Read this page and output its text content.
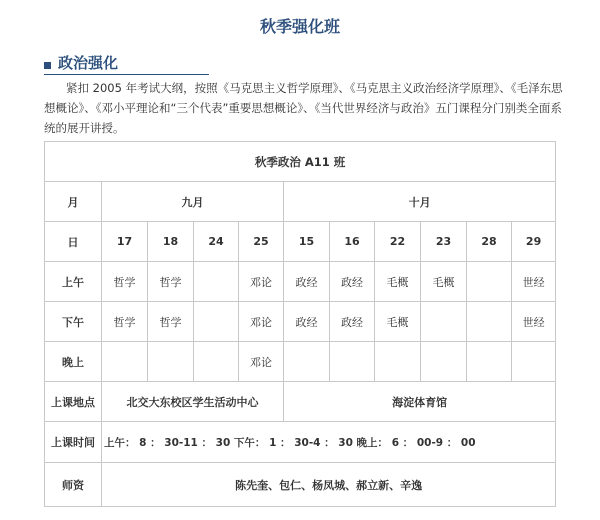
秋季强化班
政治强化
紧扣 2005 年考试大纲，按照《马克思主义哲学原理》、《马克思主义政治经济学原理》、《毛泽东思想概论》、《邓小平理论和“三个代表”重要思想概论》、《当代世界经济与政治》五门课程分门别类全面系统的展开讲授。
秋季政治 A11 班										
月	九月				十月					
日	17	18	24	25	15	16	22	23	28	29
上午	哲学	哲学		邓论	政经	政经	毛概	毛概		世经
下午	哲学	哲学		邓论	政经	政经	毛概			世经
晚上				邓论						
上课地点	北交大东校区学生活动中心				海淀体育馆					
上课时间	上午： 8 ： 30-11 ： 30 下午： 1 ： 30-4 ： 30 晚上： 6 ： 00-9 ： 00									
师资	陈先奎、包仁、杨凤城、郝立新、辛逸									
